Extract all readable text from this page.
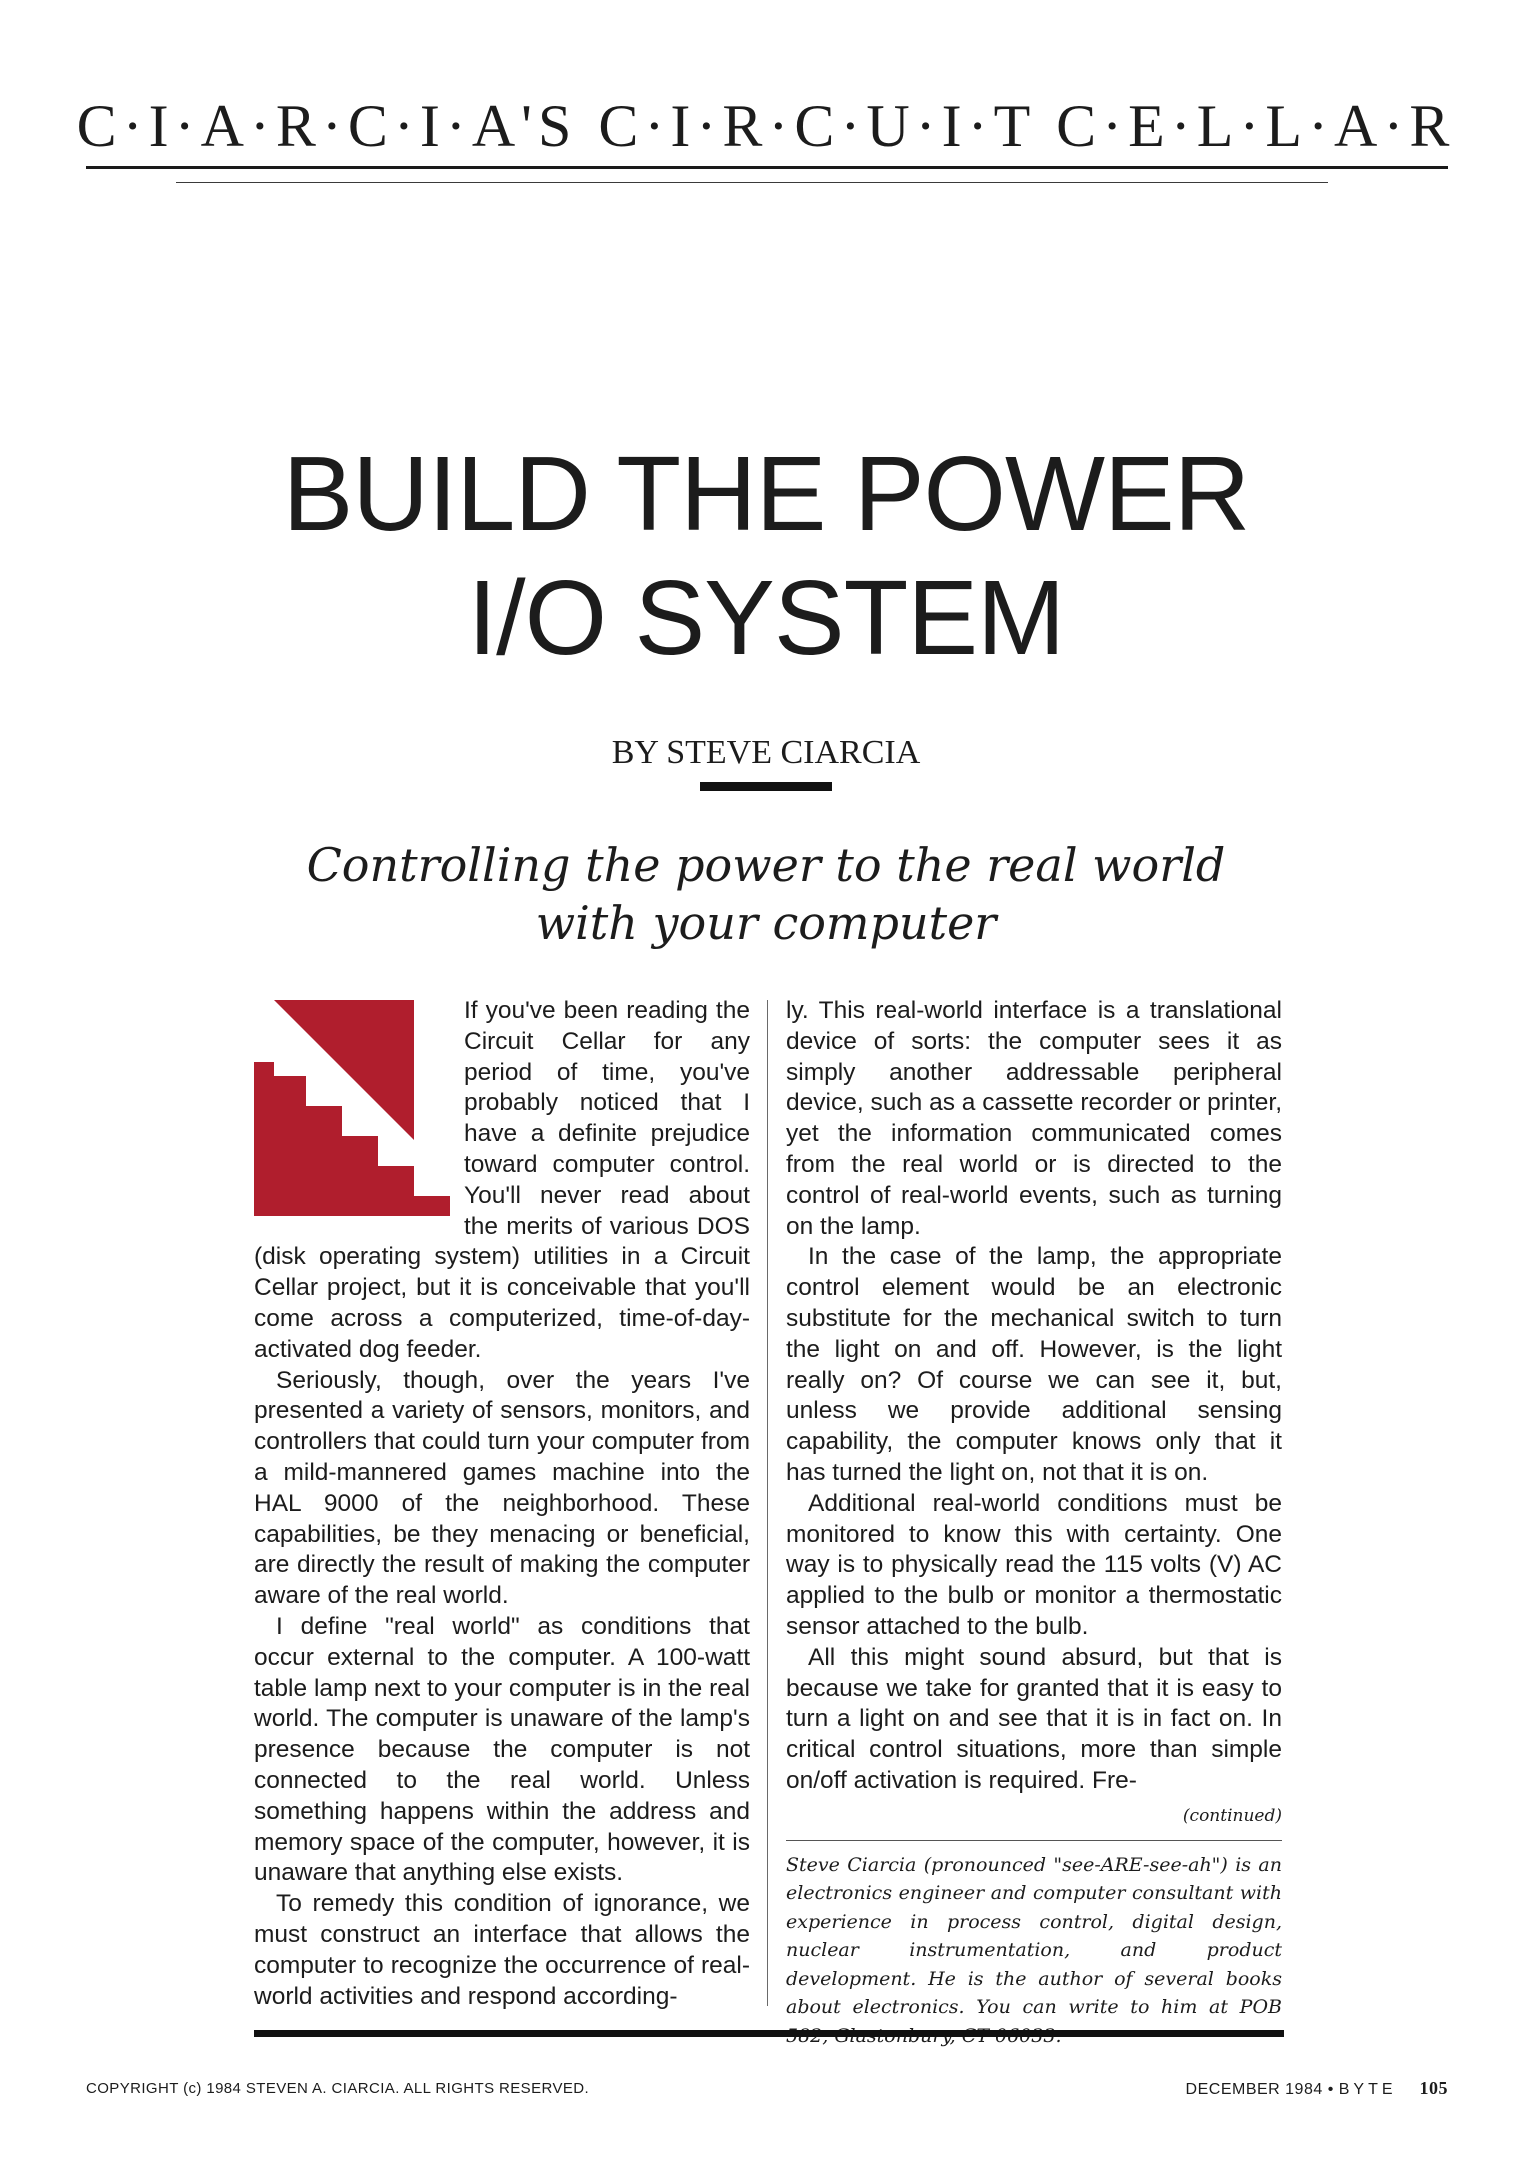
C·I·A·R·C·I·A'S C·I·R·C·U·I·T C·E·L·L·A·R
BUILD THE POWER
I/O SYSTEM
BY STEVE CIARCIA
Controlling the power to the real world
with your computer

If you've been reading the Circuit Cellar for any period of time, you've probably noticed that I have a definite prejudice toward computer control. You'll never read about the merits of various DOS (disk operating system) utilities in a Circuit Cellar project, but it is conceivable that you'll come across a computerized, time-of-day-activated dog feeder.

Seriously, though, over the years I've presented a variety of sensors, monitors, and controllers that could turn your computer from a mild-mannered games machine into the HAL 9000 of the neighborhood. These capabilities, be they menacing or beneficial, are directly the result of making the computer aware of the real world.

I define "real world" as conditions that occur external to the computer. A 100-watt table lamp next to your computer is in the real world. The computer is unaware of the lamp's presence because the computer is not connected to the real world. Unless something happens within the address and memory space of the computer, however, it is unaware that anything else exists.

To remedy this condition of ignorance, we must construct an interface that allows the computer to recognize the occurrence of real-world activities and respond according-

ly. This real-world interface is a translational device of sorts: the computer sees it as simply another addressable peripheral device, such as a cassette recorder or printer, yet the information communicated comes from the real world or is directed to the control of real-world events, such as turning on the lamp.

In the case of the lamp, the appropriate control element would be an electronic substitute for the mechanical switch to turn the light on and off. However, is the light really on? Of course we can see it, but, unless we provide additional sensing capability, the computer knows only that it has turned the light on, not that it is on.

Additional real-world conditions must be monitored to know this with certainty. One way is to physically read the 115 volts (V) AC applied to the bulb or monitor a thermostatic sensor attached to the bulb.

All this might sound absurd, but that is because we take for granted that it is easy to turn a light on and see that it is in fact on. In critical control situations, more than simple on/off activation is required. Fre-

(continued)

Steve Ciarcia (pronounced "see-ARE-see-ah") is an electronics engineer and computer consultant with experience in process control, digital design, nuclear instrumentation, and product development. He is the author of several books about electronics. You can write to him at POB

COPYRIGHT (c) 1984 STEVEN A. CIARCIA. ALL RIGHTS RESERVED.	DECEMBER 1984 • BYTE 105
